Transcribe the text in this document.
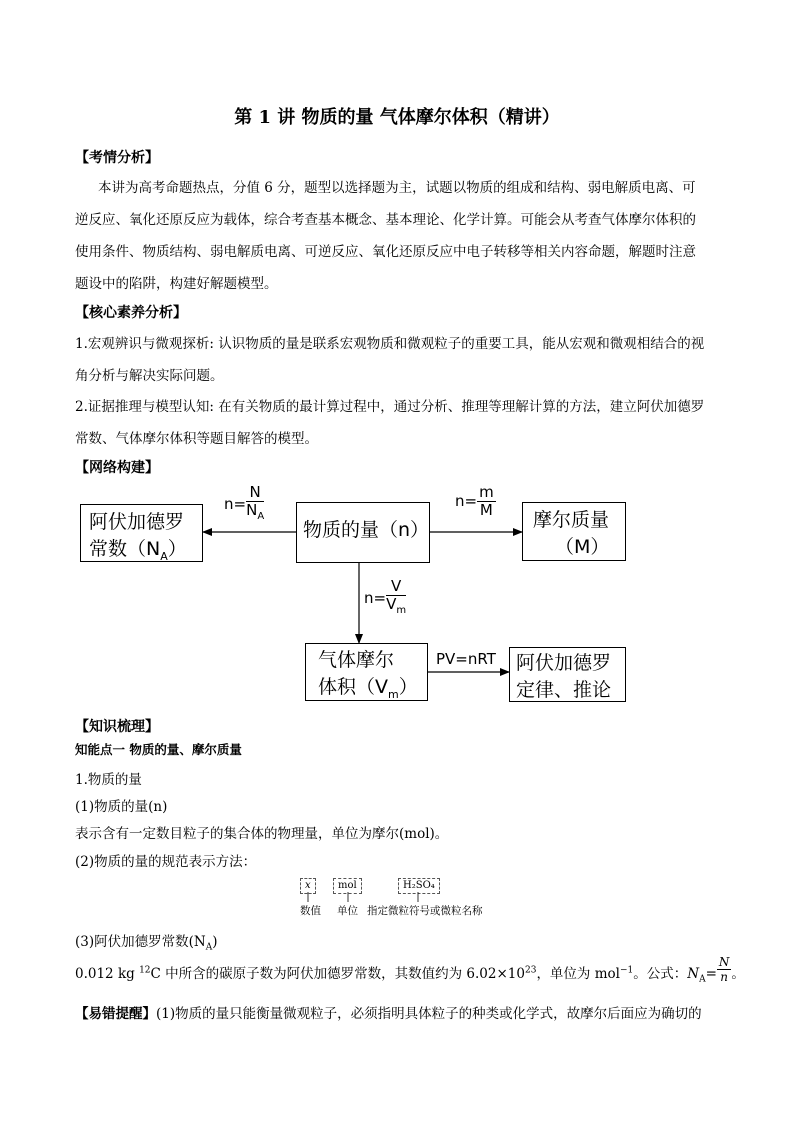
第 1 讲 物质的量 气体摩尔体积（精讲）
【考情分析】
本讲为高考命题热点，分值 6 分，题型以选择题为主，试题以物质的组成和结构、弱电解质电离、可
逆反应、氧化还原反应为载体，综合考查基本概念、基本理论、化学计算。可能会从考查气体摩尔体积的
使用条件、物质结构、弱电解质电离、可逆反应、氧化还原反应中电子转移等相关内容命题，解题时注意
题设中的陷阱，构建好解题模型。
【核心素养分析】
1.宏观辨识与微观探析: 认识物质的量是联系宏观物质和微观粒子的重要工具，能从宏观和微观相结合的视
角分析与解决实际问题。
2.证据推理与模型认知: 在有关物质的最计算过程中，通过分析、推理等理解计算的方法，建立阿伏加德罗
常数、气体摩尔体积等题目解答的模型。
【网络构建】
阿伏加德罗
常数$(N_A)$
物质的量（n）	摩尔质量
（M）
气体摩尔
体积$(V_m)$
阿伏加德罗
定律、推论
$n= \frac{N}{N_A}$	$n= \frac{m}{M}$
$n= \frac{V}{V_m}$
PV=nRT
【知识梳理】
知能点一 物质的量、摩尔质量
1.物质的量
(1)物质的量(n)
表示含有一定数目粒子的集合体的物理量，单位为摩尔(mol)。
(2)物质的量的规范表示方法：
x	mol	H₂SO₄
数值 单位 指定微粒符号或微粒名称
(3)阿伏加德罗常数$(N_A)$
0.012 kg $^{12}$C 中所含的碳原子数为阿伏加德罗常数，其数值约为 $6.02\times 10^{23}$，单位为 mol$^{-1}$。公式：$N_A= \frac{N}{n}$ 。
【易错提醒】(1)物质的量只能衡量微观粒子，必须指明具体粒子的种类或化学式，故摩尔后面应为确切的
